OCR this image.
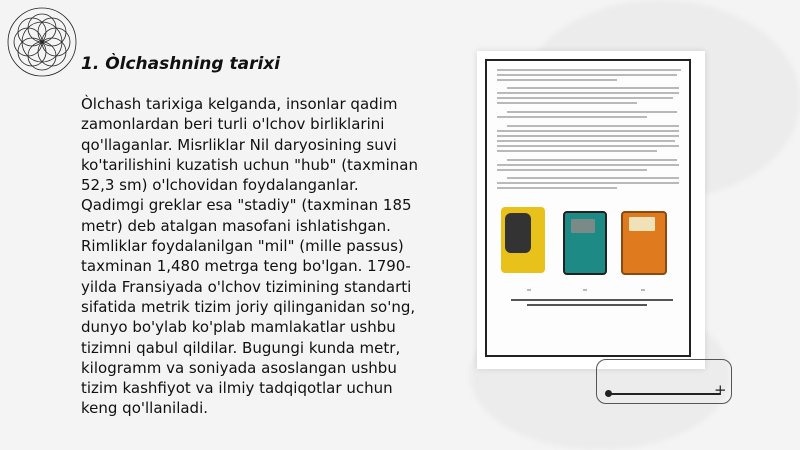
1. Òlchashning tarixi
Òlchash tarixiga kelganda, insonlar qadim zamonlardan beri turli o'lchov birliklarini qo'llaganlar. Misrliklar Nil daryosining suvi ko'tarilishini kuzatish uchun "hub" (taxminan 52,3 sm) o'lchovidan foydalanganlar. Qadimgi greklar esa "stadiy" (taxminan 185 metr) deb atalgan masofani ishlatishgan. Rimliklar foydalanilgan "mil" (mille passus) taxminan 1,480 metrga teng bo'lgan. 1790-yilda Fransiyada o'lchov tizimining standarti sifatida metrik tizim joriy qilinganidan so'ng, dunyo bo'ylab ko'plab mamlakatlar ushbu tizimni qabul qildilar. Bugungi kunda metr, kilogramm va soniyada asoslangan ushbu tizim kashfiyot va ilmiy tadqiqotlar uchun keng qo'llaniladi.
+
